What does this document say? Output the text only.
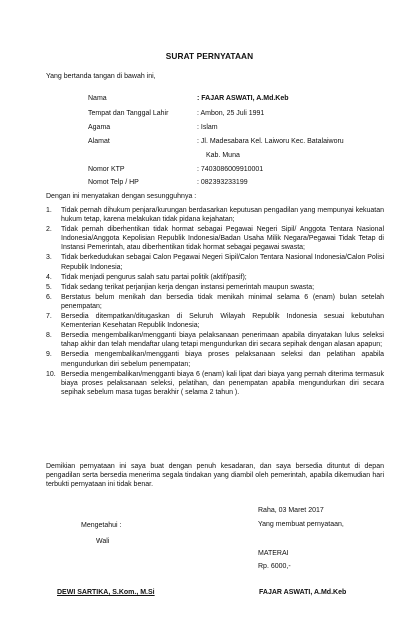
SURAT PERNYATAAN
Yang bertanda tangan di bawah ini,
Nama	: FAJAR ASWATI, A.Md.Keb
Tempat dan Tanggal Lahir	: Ambon, 25 Juli 1991
Agama	: Islam
Alamat	: Jl. Madesabara Kel. Laiworu Kec. Batalaiworu
Kab. Muna
Nomor KTP	: 7403086009910001
Nomot Telp / HP	: 082393233199
Dengan ini menyatakan dengan sesungguhnya :
1. Tidak pernah dihukum penjara/kurungan berdasarkan keputusan pengadilan yang mempunyai kekuatan hukum tetap, karena melakukan tidak pidana kejahatan;
2. Tidak pernah diberhentikan tidak hormat sebagai Pegawai Negeri Sipil/ Anggota Tentara Nasional Indonesia/Anggota Kepolisian Republik Indonesia/Badan Usaha Milik Negara/Pegawai Tidak Tetap di Instansi Pemerintah, atau diberhentikan tidak hormat sebagai pegawai swasta;
3. Tidak berkedudukan sebagai Calon Pegawai Negeri Sipil/Calon Tentara Nasional Indonesia/Calon Polisi Republik Indonesia;
4. Tidak menjadi pengurus salah satu partai politik (aktif/pasif);
5. Tidak sedang terikat perjanjian kerja dengan instansi pemerintah maupun swasta;
6. Berstatus belum menikah dan bersedia tidak menikah minimal selama 6 (enam) bulan setelah penempatan;
7. Bersedia ditempatkan/ditugaskan di Seluruh Wilayah Republik Indonesia sesuai kebutuhan Kementerian Kesehatan Republik Indonesia;
8. Bersedia mengembalikan/mengganti biaya pelaksanaan penerimaan apabila dinyatakan lulus seleksi tahap akhir dan telah mendaftar ulang tetapi mengundurkan diri secara sepihak dengan alasan apapun;
9. Bersedia mengembalikan/mengganti biaya proses pelaksanaan seleksi dan pelatihan apabila mengundurkan diri sebelum penempatan;
10. Bersedia mengembalikan/mengganti biaya 6 (enam) kali lipat dari biaya yang pernah diterima termasuk biaya proses pelaksanaan seleksi, pelatihan, dan penempatan apabila mengundurkan diri secara sepihak sebelum masa tugas berakhir ( selama 2 tahun ).

Demikian pernyataan ini saya buat dengan penuh kesadaran, dan saya bersedia dituntut di depan pengadilan serta bersedia menerima segala tindakan yang diambil oleh pemerintah, apabila dikemudian hari terbukti pernyataan ini tidak benar.

Raha, 03 Maret 2017
Yang membuat pernyataan,
Mengetahui :
Wali
MATERAI
Rp. 6000,-
DEWI SARTIKA, S.Kom., M.Si	FAJAR ASWATI, A.Md.Keb
